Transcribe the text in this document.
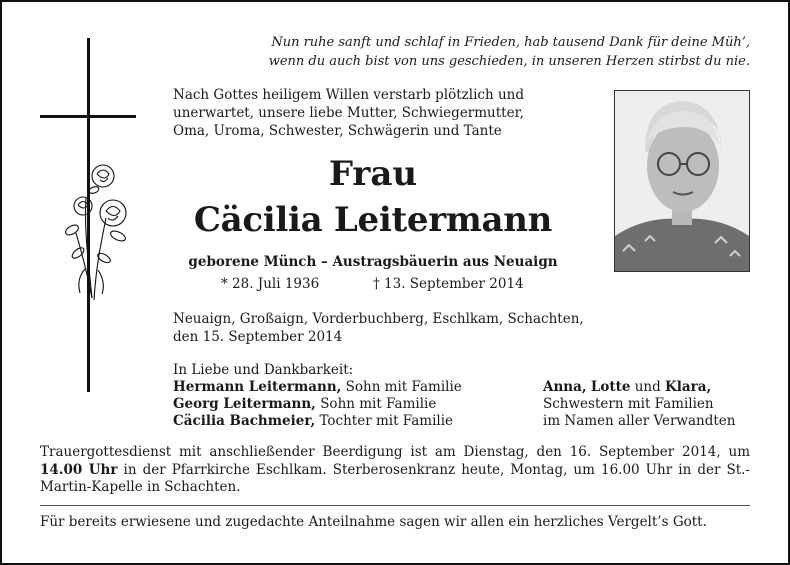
Nun ruhe sanft und schlaf in Frieden, hab tausend Dank für deine Müh’,
wenn du auch bist von uns geschieden, in unseren Herzen stirbst du nie.
Nach Gottes heiligem Willen verstarb plötzlich und
unerwartet, unsere liebe Mutter, Schwiegermutter,
Oma, Uroma, Schwester, Schwägerin und Tante
Frau
Cäcilia Leitermann
geborene Münch – Austragsbäuerin aus Neuaign
* 28. Juli 1936	† 13. September 2014
Neuaign, Großaign, Vorderbuchberg, Eschlkam, Schachten,
den 15. September 2014
In Liebe und Dankbarkeit:
Hermann Leitermann, Sohn mit Familie
Georg Leitermann, Sohn mit Familie
Cäcilia Bachmeier, Tochter mit Familie
Anna, Lotte und Klara,
Schwestern mit Familien
im Namen aller Verwandten
Trauergottesdienst mit anschließender Beerdigung ist am Dienstag, den 16. September 2014, um 14.00 Uhr in der Pfarrkirche Eschlkam. Sterberosenkranz heute, Montag, um 16.00 Uhr in der St.-Martin-Kapelle in Schachten.
Für bereits erwiesene und zugedachte Anteilnahme sagen wir allen ein herzliches Vergelt’s Gott.
